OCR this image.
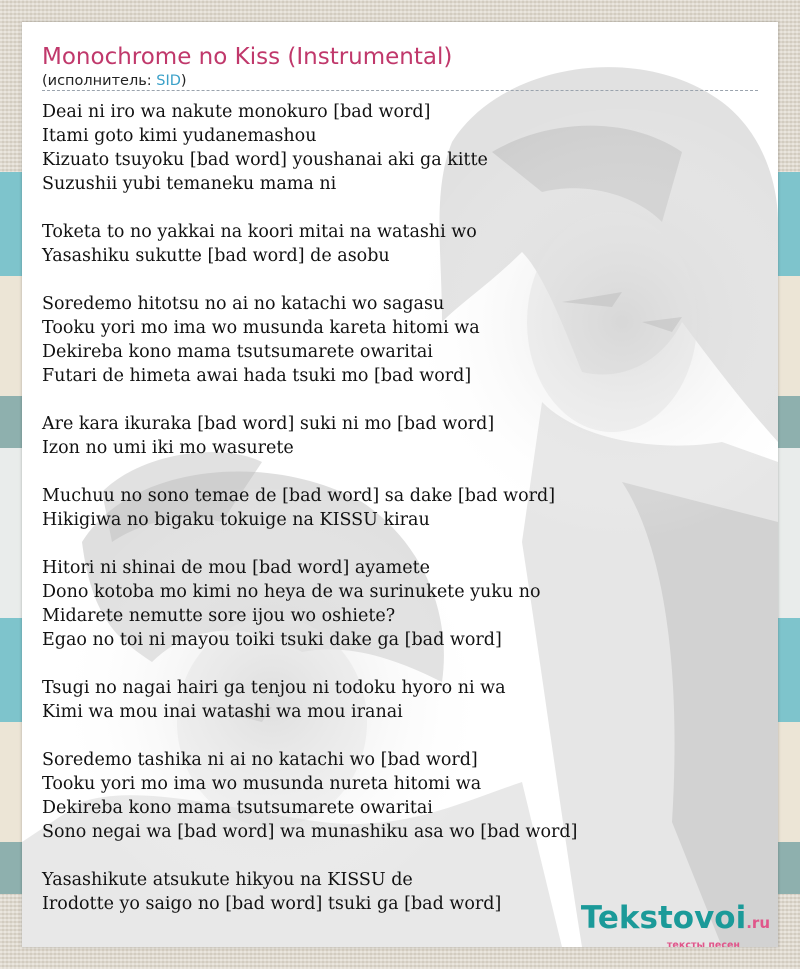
Monochrome no Kiss (Instrumental)
(исполнитель: SID)
Deai ni iro wa nakute monokuro [bad word]
Itami goto kimi yudanemashou
Kizuato tsuyoku [bad word] youshanai aki ga kitte
Suzushii yubi temaneku mama ni
Toketa to no yakkai na koori mitai na watashi wo
Yasashiku sukutte [bad word] de asobu
Soredemo hitotsu no ai no katachi wo sagasu
Tooku yori mo ima wo musunda kareta hitomi wa
Dekireba kono mama tsutsumarete owaritai
Futari de himeta awai hada tsuki mo [bad word]
Are kara ikuraka [bad word] suki ni mo [bad word]
Izon no umi iki mo wasurete
Muchuu no sono temae de [bad word] sa dake [bad word]
Hikigiwa no bigaku tokuige na KISSU kirau
Hitori ni shinai de mou [bad word] ayamete
Dono kotoba mo kimi no heya de wa surinukete yuku no
Midarete nemutte sore ijou wo oshiete?
Egao no toi ni mayou toiki tsuki dake ga [bad word]
Tsugi no nagai hairi ga tenjou ni todoku hyoro ni wa
Kimi wa mou inai watashi wa mou iranai
Soredemo tashika ni ai no katachi wo [bad word]
Tooku yori mo ima wo musunda nureta hitomi wa
Dekireba kono mama tsutsumarete owaritai
Sono negai wa [bad word] wa munashiku asa wo [bad word]
Yasashikute atsukute hikyou na KISSU de
Irodotte yo saigo no [bad word] tsuki ga [bad word]	Tekstovoi.ru
тексты песен
